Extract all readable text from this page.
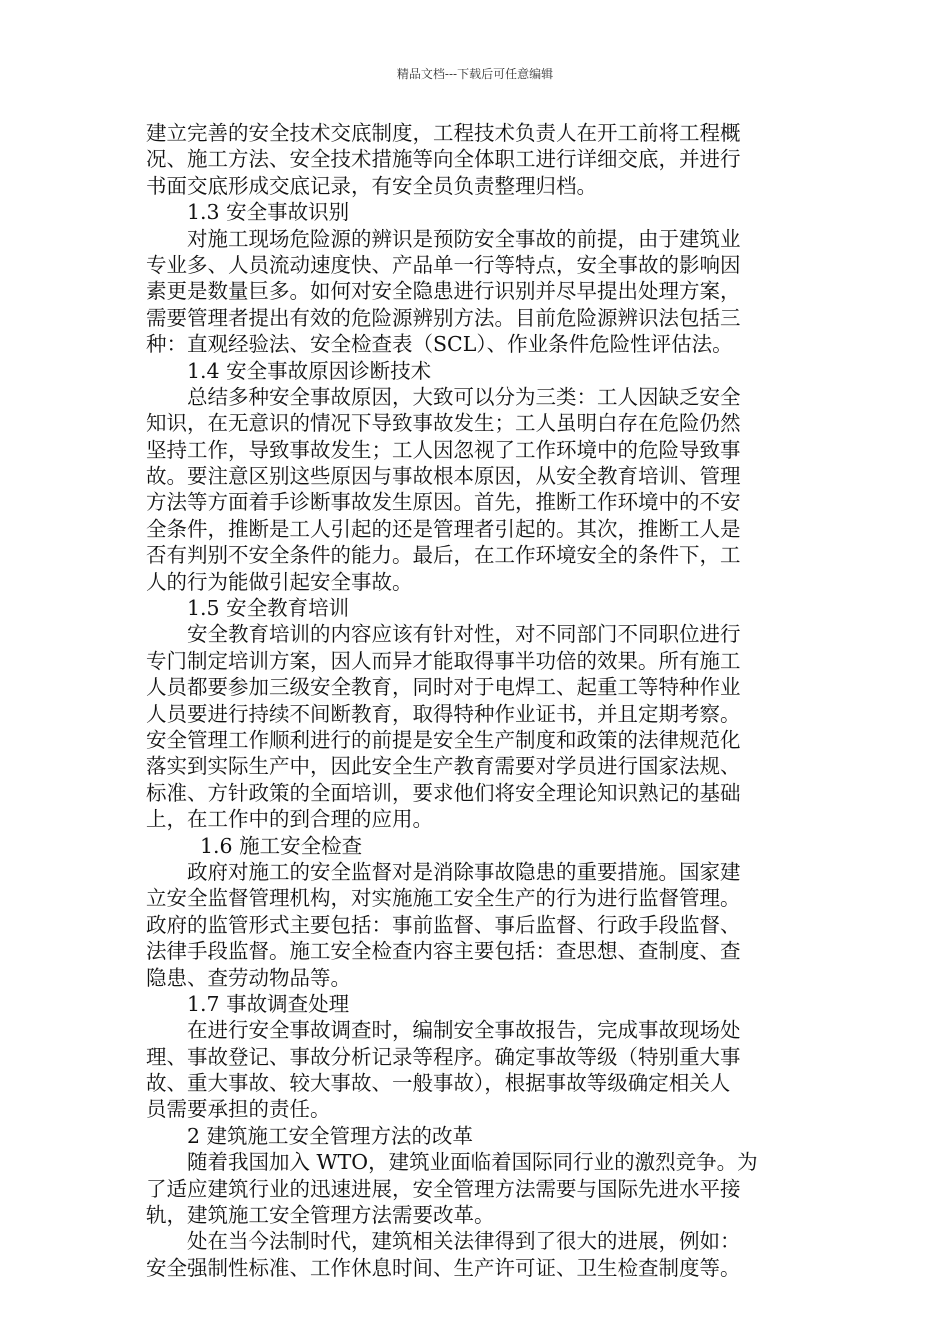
精品文档---下载后可任意编辑
建立完善的安全技术交底制度，工程技术负责人在开工前将工程概
况、施工方法、安全技术措施等向全体职工进行详细交底，并进行
书面交底形成交底记录，有安全员负责整理归档。
1.3 安全事故识别
对施工现场危险源的辨识是预防安全事故的前提，由于建筑业
专业多、人员流动速度快、产品单一行等特点，安全事故的影响因
素更是数量巨多。如何对安全隐患进行识别并尽早提出处理方案，
需要管理者提出有效的危险源辨别方法。目前危险源辨识法包括三
种：直观经验法、安全检查表（SCL）、作业条件危险性评估法。
1.4 安全事故原因诊断技术
总结多种安全事故原因，大致可以分为三类：工人因缺乏安全
知识，在无意识的情况下导致事故发生；工人虽明白存在危险仍然
坚持工作，导致事故发生；工人因忽视了工作环境中的危险导致事
故。要注意区别这些原因与事故根本原因，从安全教育培训、管理
方法等方面着手诊断事故发生原因。首先，推断工作环境中的不安
全条件，推断是工人引起的还是管理者引起的。其次，推断工人是
否有判别不安全条件的能力。最后，在工作环境安全的条件下，工
人的行为能做引起安全事故。
1.5 安全教育培训
安全教育培训的内容应该有针对性，对不同部门不同职位进行
专门制定培训方案，因人而异才能取得事半功倍的效果。所有施工
人员都要参加三级安全教育，同时对于电焊工、起重工等特种作业
人员要进行持续不间断教育，取得特种作业证书，并且定期考察。
安全管理工作顺利进行的前提是安全生产制度和政策的法律规范化
落实到实际生产中，因此安全生产教育需要对学员进行国家法规、
标准、方针政策的全面培训，要求他们将安全理论知识熟记的基础
上，在工作中的到合理的应用。
1.6 施工安全检查
政府对施工的安全监督对是消除事故隐患的重要措施。国家建
立安全监督管理机构，对实施施工安全生产的行为进行监督管理。
政府的监管形式主要包括：事前监督、事后监督、行政手段监督、
法律手段监督。施工安全检查内容主要包括：查思想、查制度、查
隐患、查劳动物品等。
1.7 事故调查处理
在进行安全事故调查时，编制安全事故报告，完成事故现场处
理、事故登记、事故分析记录等程序。确定事故等级（特别重大事
故、重大事故、较大事故、一般事故），根据事故等级确定相关人
员需要承担的责任。
2 建筑施工安全管理方法的改革
随着我国加入 WTO，建筑业面临着国际同行业的激烈竞争。为
了适应建筑行业的迅速进展，安全管理方法需要与国际先进水平接
轨，建筑施工安全管理方法需要改革。
处在当今法制时代，建筑相关法律得到了很大的进展，例如：
安全强制性标准、工作休息时间、生产许可证、卫生检查制度等。
